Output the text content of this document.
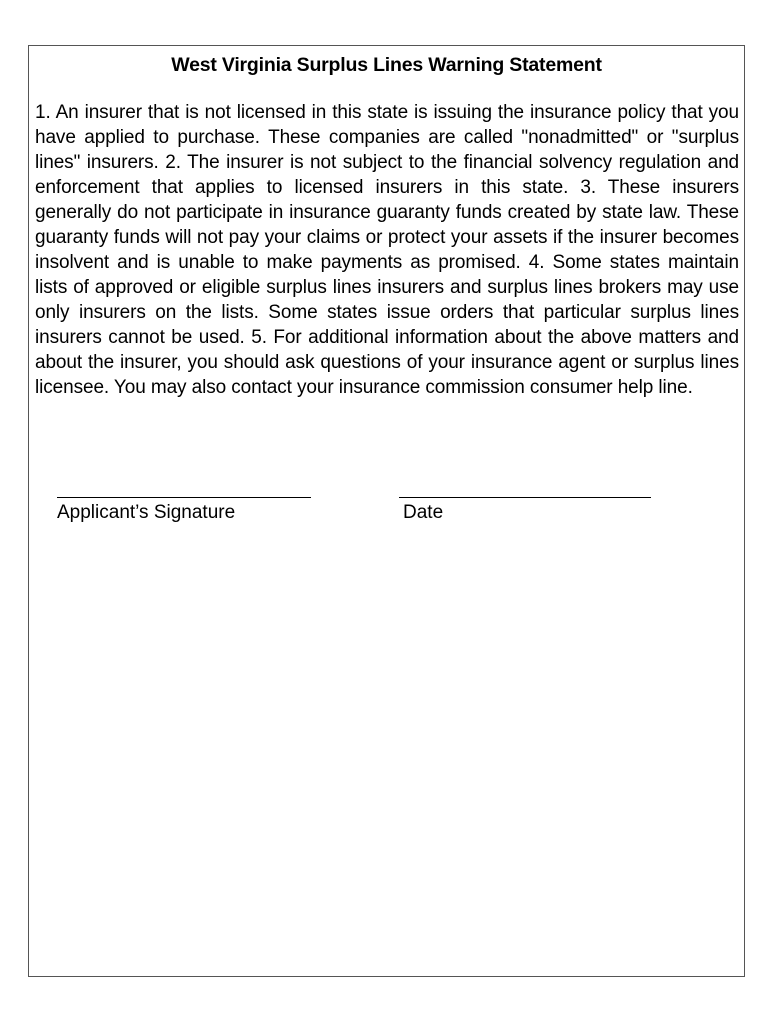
West Virginia Surplus Lines Warning Statement
1. An insurer that is not licensed in this state is issuing the insurance policy that you have applied to purchase. These companies are called "nonadmitted" or "surplus lines" insurers. 2. The insurer is not subject to the financial solvency regulation and enforcement that applies to licensed insurers in this state. 3. These insurers generally do not participate in insurance guaranty funds created by state law. These guaranty funds will not pay your claims or protect your assets if the insurer becomes insolvent and is unable to make payments as promised. 4. Some states maintain lists of approved or eligible surplus lines insurers and surplus lines brokers may use only insurers on the lists. Some states issue orders that particular surplus lines insurers cannot be used. 5. For additional information about the above matters and about the insurer, you should ask questions of your insurance agent or surplus lines licensee. You may also contact your insurance commission consumer help line.
Applicant’s Signature	Date
